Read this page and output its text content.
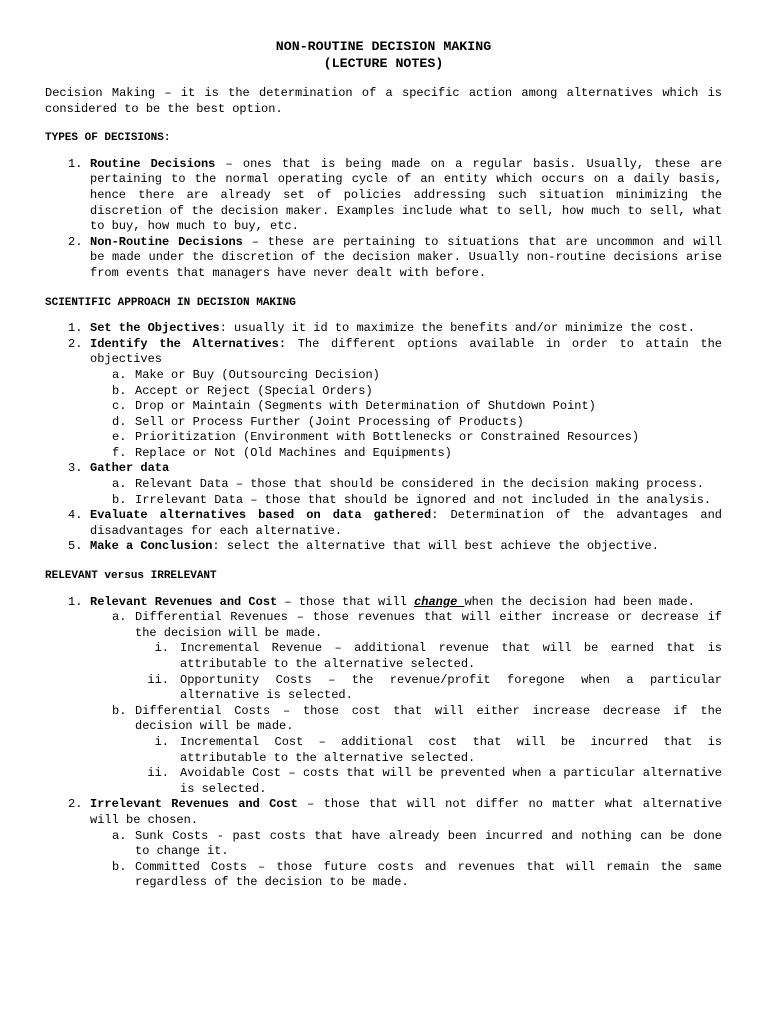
NON-ROUTINE DECISION MAKING
(LECTURE NOTES)
Decision Making – it is the determination of a specific action among alternatives which is considered to be the best option.
TYPES OF DECISIONS:
1. Routine Decisions – ones that is being made on a regular basis. Usually, these are pertaining to the normal operating cycle of an entity which occurs on a daily basis, hence there are already set of policies addressing such situation minimizing the discretion of the decision maker. Examples include what to sell, how much to sell, what to buy, how much to buy, etc.
2. Non-Routine Decisions – these are pertaining to situations that are uncommon and will be made under the discretion of the decision maker. Usually non-routine decisions arise from events that managers have never dealt with before.
SCIENTIFIC APPROACH IN DECISION MAKING
1. Set the Objectives: usually it id to maximize the benefits and/or minimize the cost.
2. Identify the Alternatives: The different options available in order to attain the objectives
a. Make or Buy (Outsourcing Decision)
b. Accept or Reject (Special Orders)
c. Drop or Maintain (Segments with Determination of Shutdown Point)
d. Sell or Process Further (Joint Processing of Products)
e. Prioritization (Environment with Bottlenecks or Constrained Resources)
f. Replace or Not (Old Machines and Equipments)
3. Gather data
a. Relevant Data – those that should be considered in the decision making process.
b. Irrelevant Data – those that should be ignored and not included in the analysis.
4. Evaluate alternatives based on data gathered: Determination of the advantages and disadvantages for each alternative.
5. Make a Conclusion: select the alternative that will best achieve the objective.
RELEVANT versus IRRELEVANT
1. Relevant Revenues and Cost – those that will change when the decision had been made.
a. Differential Revenues – those revenues that will either increase or decrease if the decision will be made.
i. Incremental Revenue – additional revenue that will be earned that is attributable to the alternative selected.
ii. Opportunity Costs – the revenue/profit foregone when a particular alternative is selected.
b. Differential Costs – those cost that will either increase decrease if the decision will be made.
i. Incremental Cost – additional cost that will be incurred that is attributable to the alternative selected.
ii. Avoidable Cost – costs that will be prevented when a particular alternative is selected.
2. Irrelevant Revenues and Cost – those that will not differ no matter what alternative will be chosen.
a. Sunk Costs - past costs that have already been incurred and nothing can be done to change it.
b. Committed Costs – those future costs and revenues that will remain the same regardless of the decision to be made.
